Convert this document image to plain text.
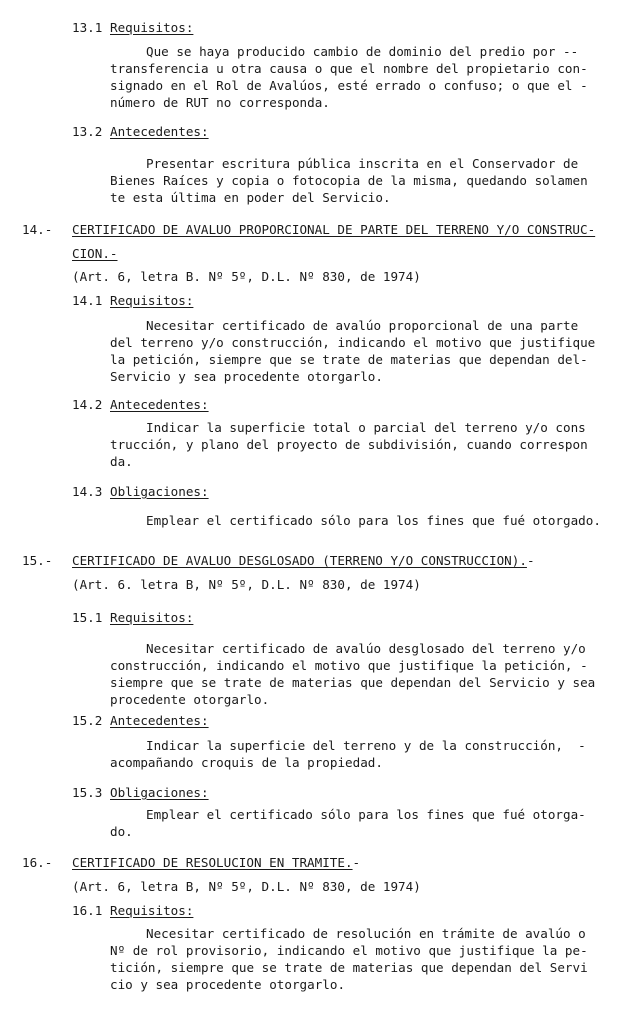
13.1 Requisitos:
Que se haya producido cambio de dominio del predio por --
transferencia u otra causa o que el nombre del propietario con-
signado en el Rol de Avalúos, esté errado o confuso; o que el -
número de RUT no corresponda.
13.2 Antecedentes:
Presentar escritura pública inscrita en el Conservador de
Bienes Raíces y copia o fotocopia de la misma, quedando solamen
te esta última en poder del Servicio.
14.- CERTIFICADO DE AVALUO PROPORCIONAL DE PARTE DEL TERRENO Y/O CONSTRUC-
CION.-
(Art. 6, letra B. Nº 5º, D.L. Nº 830, de 1974)
14.1 Requisitos:
Necesitar certificado de avalúo proporcional de una parte
del terreno y/o construcción, indicando el motivo que justifique
la petición, siempre que se trate de materias que dependan del-
Servicio y sea procedente otorgarlo.
14.2 Antecedentes:
Indicar la superficie total o parcial del terreno y/o cons
trucción, y plano del proyecto de subdivisión, cuando correspon
da.
14.3 Obligaciones:
Emplear el certificado sólo para los fines que fué otorgado.
15.- CERTIFICADO DE AVALUO DESGLOSADO (TERRENO Y/O CONSTRUCCION).-
(Art. 6. letra B, Nº 5º, D.L. Nº 830, de 1974)
15.1 Requisitos:
Necesitar certificado de avalúo desglosado del terreno y/o
construcción, indicando el motivo que justifique la petición, -
siempre que se trate de materias que dependan del Servicio y sea
procedente otorgarlo.
15.2 Antecedentes:
Indicar la superficie del terreno y de la construcción,  -
acompañando croquis de la propiedad.
15.3 Obligaciones:
Emplear el certificado sólo para los fines que fué otorga-
do.
16.- CERTIFICADO DE RESOLUCION EN TRAMITE.-
(Art. 6, letra B, Nº 5º, D.L. Nº 830, de 1974)
16.1 Requisitos:
Necesitar certificado de resolución en trámite de avalúo o
Nº de rol provisorio, indicando el motivo que justifique la pe-
tición, siempre que se trate de materias que dependan del Servi
cio y sea procedente otorgarlo.
